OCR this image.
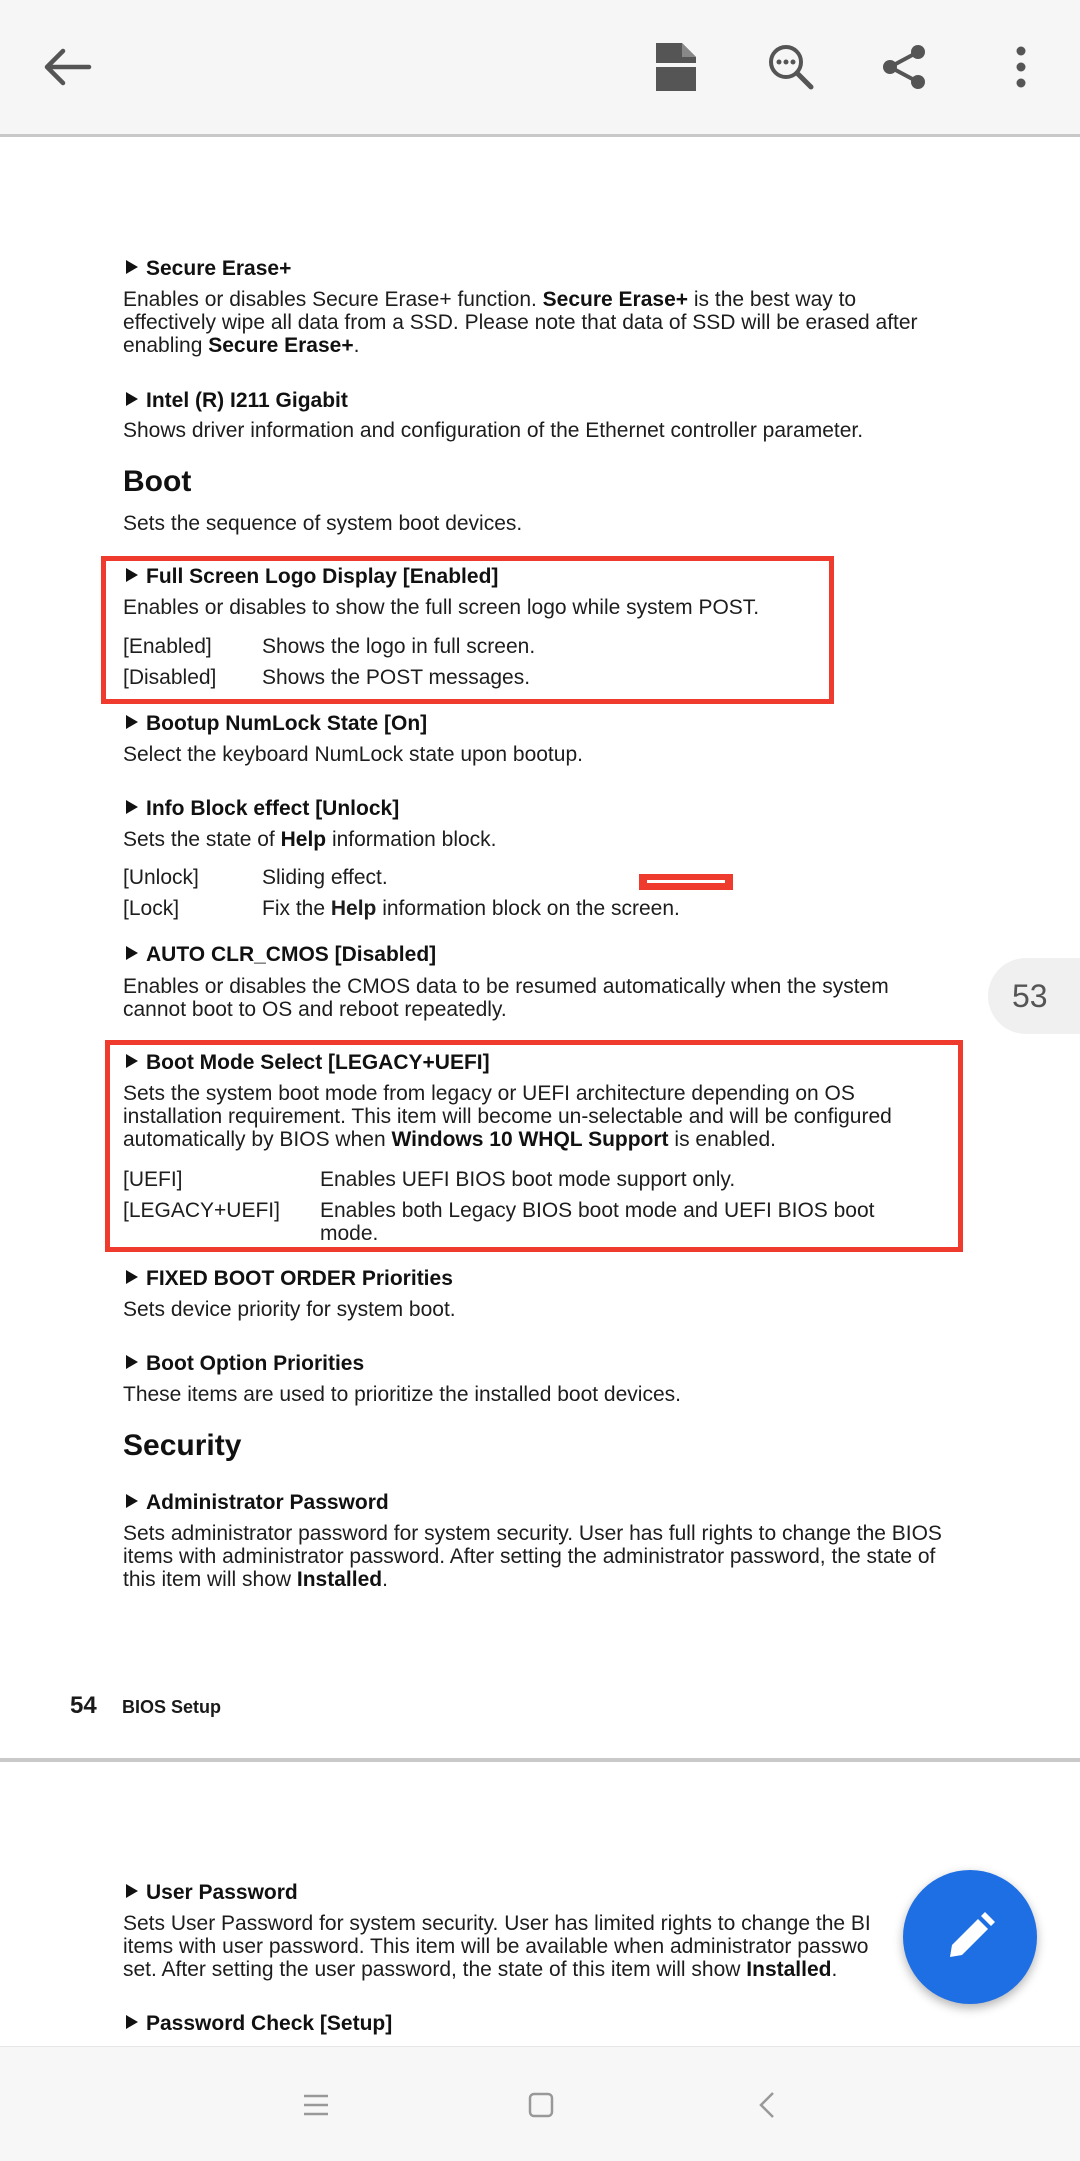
Secure Erase+
Enables or disables Secure Erase+ function. Secure Erase+ is the best way to effectively wipe all data from a SSD. Please note that data of SSD will be erased after enabling Secure Erase+.
Intel (R) I211 Gigabit
Shows driver information and configuration of the Ethernet controller parameter.
Boot
Sets the sequence of system boot devices.
Full Screen Logo Display [Enabled]
Enables or disables to show the full screen logo while system POST.
[Enabled] Shows the logo in full screen.
[Disabled] Shows the POST messages.
Bootup NumLock State [On]
Select the keyboard NumLock state upon bootup.
Info Block effect [Unlock]
Sets the state of Help information block.
[Unlock]	Sliding effect.
[Lock]	Fix the Help information block on the screen.
AUTO CLR_CMOS [Disabled]
Enables or disables the CMOS data to be resumed automatically when the system cannot boot to OS and reboot repeatedly.	53
Boot Mode Select [LEGACY+UEFI]
Sets the system boot mode from legacy or UEFI architecture depending on OS installation requirement. This item will become un-selectable and will be configured automatically by BIOS when Windows 10 WHQL Support is enabled.
[UEFI]	Enables UEFI BIOS boot mode support only.
[LEGACY+UEFI] Enables both Legacy BIOS boot mode and UEFI BIOS boot mode.
FIXED BOOT ORDER Priorities
Sets device priority for system boot.
Boot Option Priorities
These items are used to prioritize the installed boot devices.
Security
Administrator Password
Sets administrator password for system security. User has full rights to change the BIOS items with administrator password. After setting the administrator password, the state of this item will show Installed.
54 BIOS Setup
User Password
Sets User Password for system security. User has limited rights to change the BI
items with user password. This item will be available when administrator passwo
set. After setting the user password, the state of this item will show Installed.
Password Check [Setup]
